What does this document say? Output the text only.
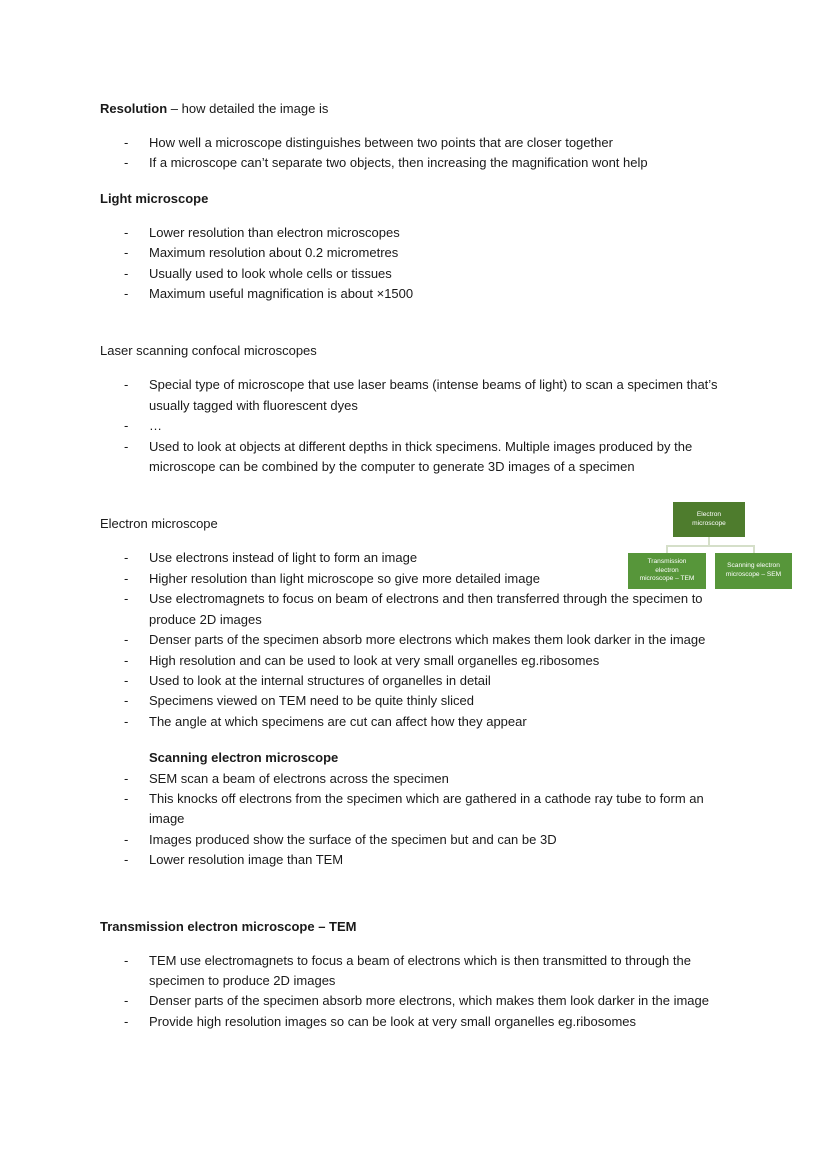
Resolution – how detailed the image is

- How well a microscope distinguishes between two points that are closer together
- If a microscope can’t separate two objects, then increasing the magnification wont help

Light microscope

- Lower resolution than electron microscopes
- Maximum resolution about 0.2 micrometres
- Usually used to look whole cells or tissues
- Maximum useful magnification is about ×1500

Laser scanning confocal microscopes

- Special type of microscope that use laser beams (intense beams of light) to scan a specimen that’s usually tagged with fluorescent dyes
- …
- Used to look at objects at different depths in thick specimens. Multiple images produced by the microscope can be combined by the computer to generate 3D images of a specimen

Electron microscope

- Use electrons instead of light to form an image
- Higher resolution than light microscope so give more detailed image
- Use electromagnets to focus on beam of electrons and then transferred through the specimen to produce 2D images
- Denser parts of the specimen absorb more electrons which makes them look darker in the image
- High resolution and can be used to look at very small organelles eg.ribosomes
- Used to look at the internal structures of organelles in detail
- Specimens viewed on TEM need to be quite thinly sliced
- The angle at which specimens are cut can affect how they appear
Scanning electron microscope
- SEM scan a beam of electrons across the specimen
- This knocks off electrons from the specimen which are gathered in a cathode ray tube to form an image
- Images produced show the surface of the specimen but and can be 3D
- Lower resolution image than TEM

Transmission electron microscope – TEM

- TEM use electromagnets to focus a beam of electrons which is then transmitted to through the specimen to produce 2D images
- Denser parts of the specimen absorb more electrons, which makes them look darker in the image
- Provide high resolution images so can be look at very small organelles eg.ribosomes
Electron
microscope
Transmission
electron
microscope – TEM
Scanning electron
microscope – SEM
